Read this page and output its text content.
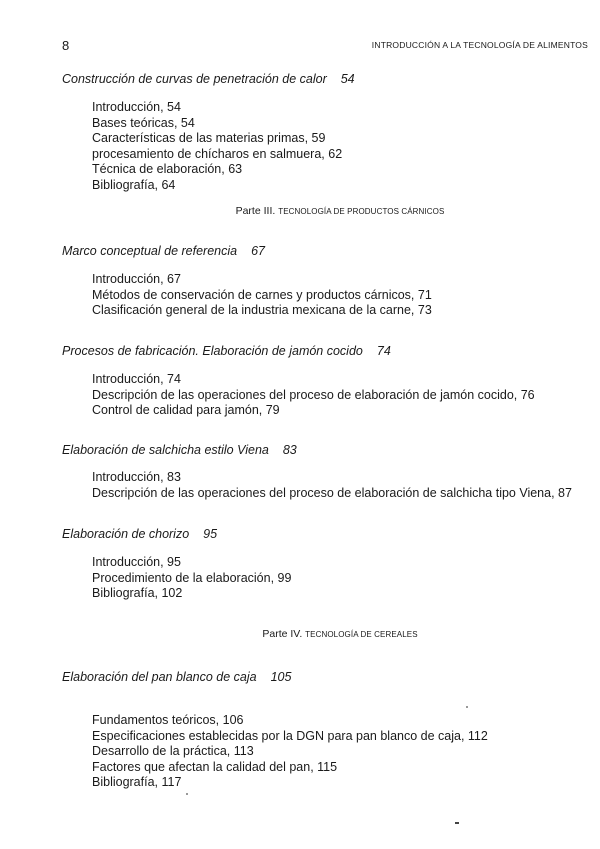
8	INTRODUCCIÓN A LA TECNOLOGÍA DE ALIMENTOS
Construcción de curvas de penetración de calor 54
Introducción, 54
Bases teóricas, 54
Características de las materias primas, 59
procesamiento de chícharos en salmuera, 62
Técnica de elaboración, 63
Bibliografía, 64
Parte III. TECNOLOGÍA DE PRODUCTOS CÁRNICOS
Marco conceptual de referencia 67
Introducción, 67
Métodos de conservación de carnes y productos cárnicos, 71
Clasificación general de la industria mexicana de la carne, 73
Procesos de fabricación. Elaboración de jamón cocido 74
Introducción, 74
Descripción de las operaciones del proceso de elaboración de jamón cocido, 76
Control de calidad para jamón, 79
Elaboración de salchicha estilo Viena 83
Introducción, 83
Descripción de las operaciones del proceso de elaboración de salchicha tipo Viena, 87
Elaboración de chorizo 95
Introducción, 95
Procedimiento de la elaboración, 99
Bibliografía, 102
Parte IV. TECNOLOGÍA DE CEREALES
Elaboración del pan blanco de caja 105
Fundamentos teóricos, 106
Especificaciones establecidas por la DGN para pan blanco de caja, 112
Desarrollo de la práctica, 113
Factores que afectan la calidad del pan, 115
Bibliografía, 117
